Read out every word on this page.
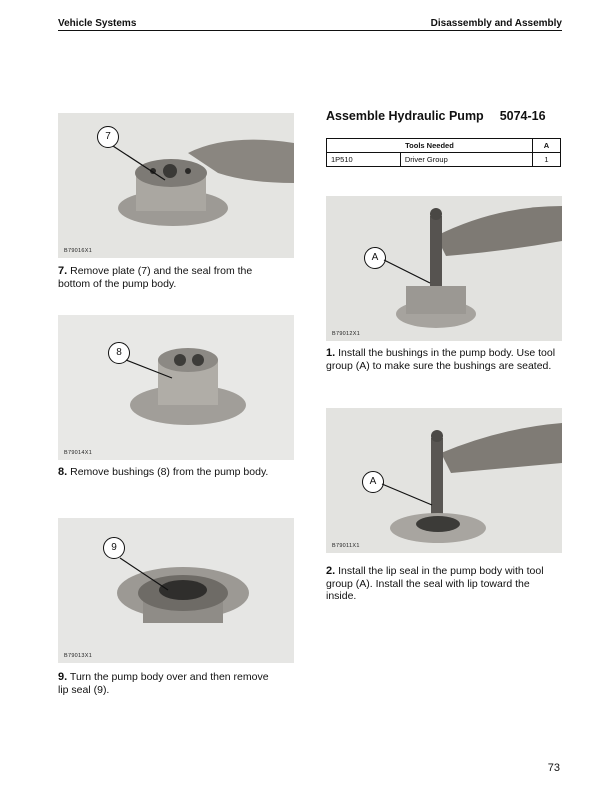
Vehicle Systems	Disassembly and Assembly
B79016X1
7
7. Remove plate (7) and the seal from the bottom of the pump body.
B79014X1
8
8. Remove bushings (8) from the pump body.
B79013X1
9
9. Turn the pump body over and then remove lip seal (9).
Assemble Hydraulic Pump 5074-16
Tools Needed		A
1P510	Driver Group	1
B79012X1
A
1. Install the bushings in the pump body. Use tool group (A) to make sure the bushings are seated.
B79011X1
A
2. Install the lip seal in the pump body with tool group (A). Install the seal with lip toward the inside.
73
